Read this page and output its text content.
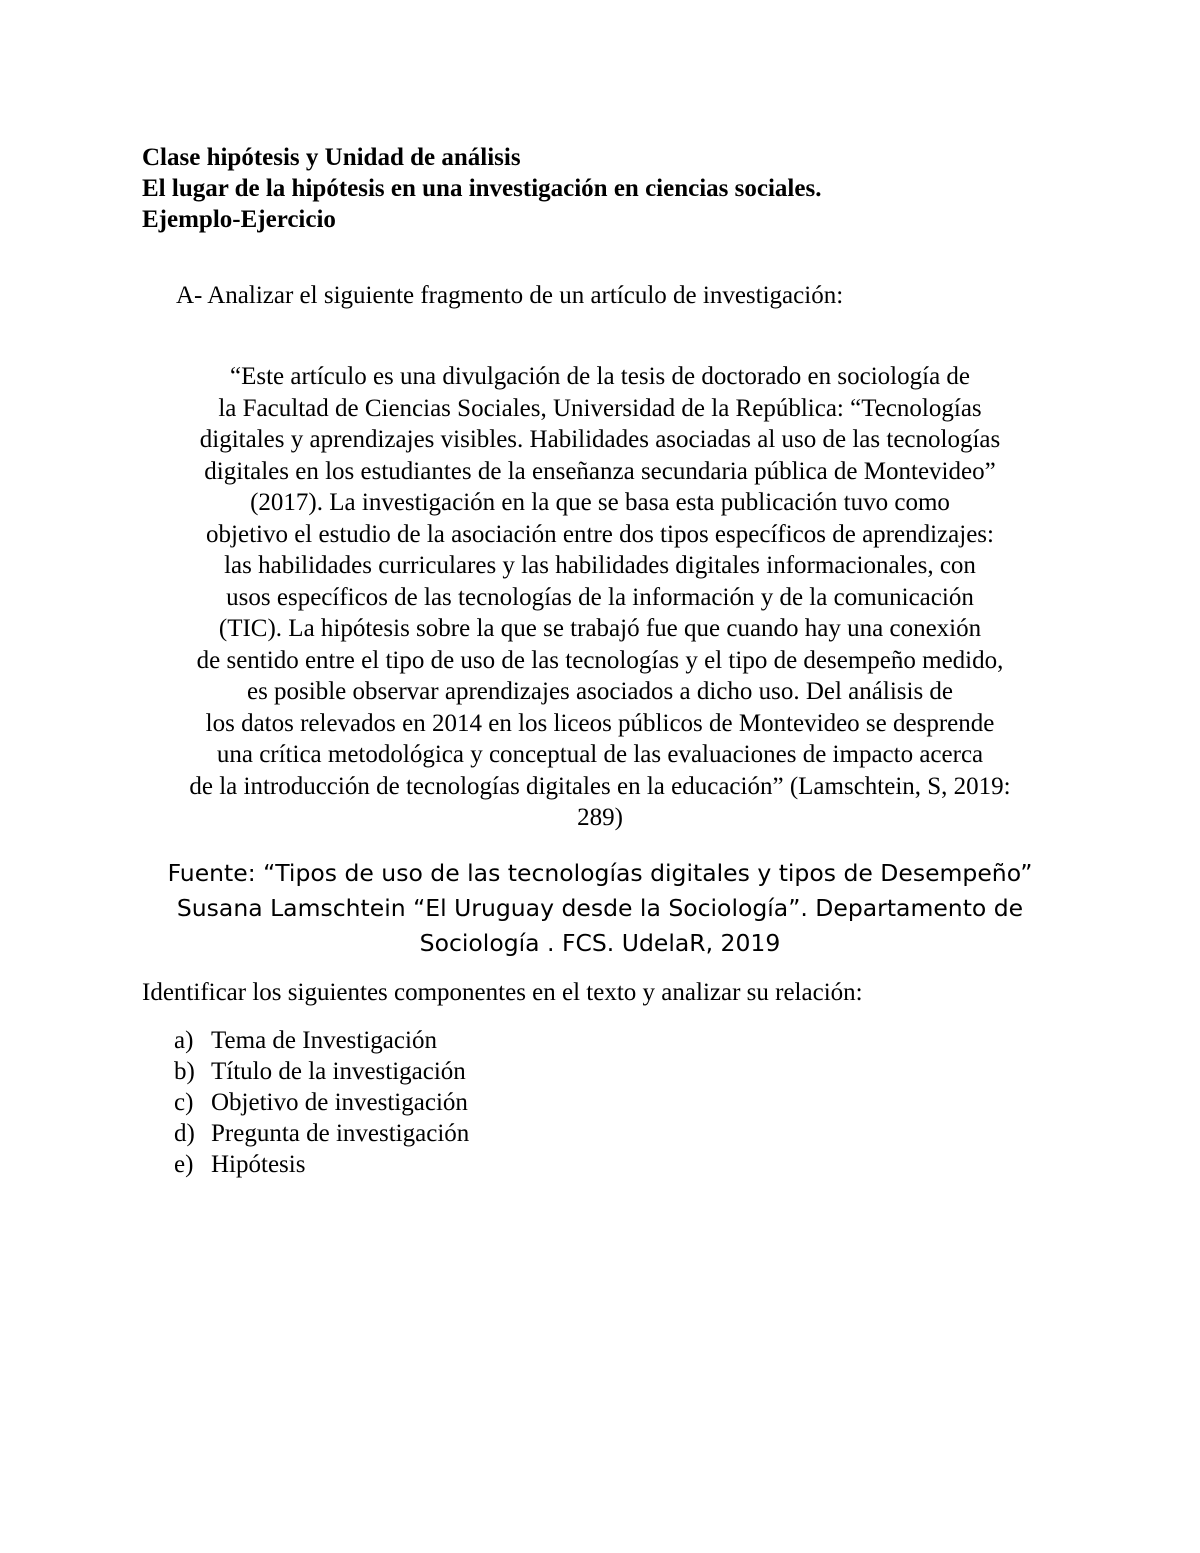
Clase hipótesis y Unidad de análisis
El lugar de la hipótesis en una investigación en ciencias sociales.
Ejemplo-Ejercicio
A- Analizar el siguiente fragmento de un artículo de investigación:
“Este artículo es una divulgación de la tesis de doctorado en sociología de
la Facultad de Ciencias Sociales, Universidad de la República: “Tecnologías
digitales y aprendizajes visibles. Habilidades asociadas al uso de las tecnologías
digitales en los estudiantes de la enseñanza secundaria pública de Montevideo”
(2017). La investigación en la que se basa esta publicación tuvo como
objetivo el estudio de la asociación entre dos tipos específicos de aprendizajes:
las habilidades curriculares y las habilidades digitales informacionales, con
usos específicos de las tecnologías de la información y de la comunicación
(TIC). La hipótesis sobre la que se trabajó fue que cuando hay una conexión
de sentido entre el tipo de uso de las tecnologías y el tipo de desempeño medido,
es posible observar aprendizajes asociados a dicho uso. Del análisis de
los datos relevados en 2014 en los liceos públicos de Montevideo se desprende
una crítica metodológica y conceptual de las evaluaciones de impacto acerca
de la introducción de tecnologías digitales en la educación” (Lamschtein, S, 2019:
289)
Fuente: “Tipos de uso de las tecnologías digitales y tipos de Desempeño”
Susana Lamschtein “El Uruguay desde la Sociología”. Departamento de
Sociología . FCS. UdelaR, 2019
Identificar los siguientes componentes en el texto y analizar su relación:
a) Tema de Investigación
b) Título de la investigación
c) Objetivo de investigación
d) Pregunta de investigación
e) Hipótesis
